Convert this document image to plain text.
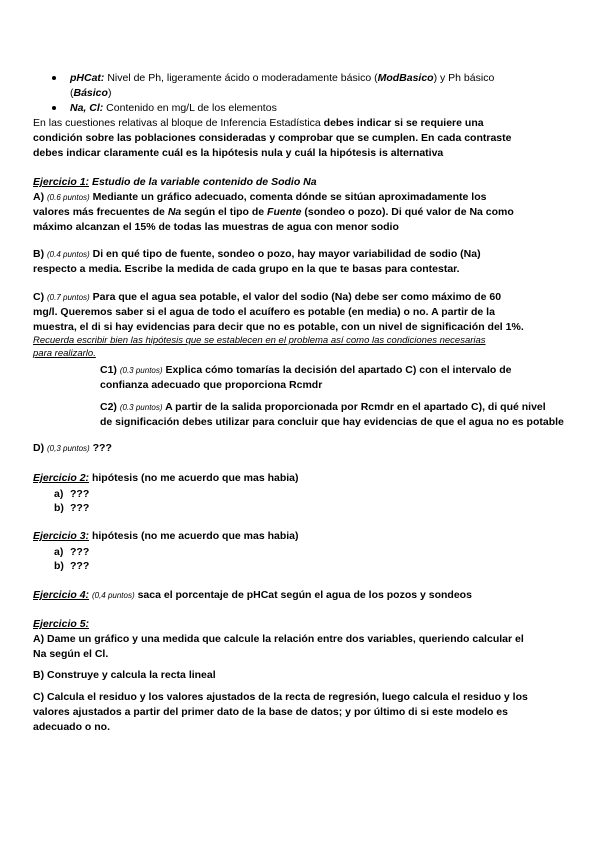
pHCat: Nivel de Ph, ligeramente ácido o moderadamente básico (ModBasico) y Ph básico
(Básico)
Na, Cl: Contenido en mg/L de los elementos
En las cuestiones relativas al bloque de Inferencia Estadística debes indicar si se requiere una
condición sobre las poblaciones consideradas y comprobar que se cumplen. En cada contraste
debes indicar claramente cuál es la hipótesis nula y cuál la hipótesis is alternativa
Ejercicio 1: Estudio de la variable contenido de Sodio Na
A) (0.6 puntos) Mediante un gráfico adecuado, comenta dónde se sitúan aproximadamente los
valores más frecuentes de Na según el tipo de Fuente (sondeo o pozo). Di qué valor de Na como
máximo alcanzan el 15% de todas las muestras de agua con menor sodio
B) (0.4 puntos) Di en qué tipo de fuente, sondeo o pozo, hay mayor variabilidad de sodio (Na)
respecto a media. Escribe la medida de cada grupo en la que te basas para contestar.
C) (0.7 puntos) Para que el agua sea potable, el valor del sodio (Na) debe ser como máximo de 60
mg/l. Queremos saber si el agua de todo el acuífero es potable (en media) o no. A partir de la
muestra, el di si hay evidencias para decir que no es potable, con un nivel de significación del 1%.
Recuerda escribir bien las hipótesis que se establecen en el problema así como las condiciones necesarias
para realizarlo.
C1) (0.3 puntos) Explica cómo tomarías la decisión del apartado C) con el intervalo de
confianza adecuado que proporciona Rcmdr
C2) (0.3 puntos) A partir de la salida proporcionada por Rcmdr en el apartado C), di qué nivel
de significación debes utilizar para concluir que hay evidencias de que el agua no es potable
D) (0,3 puntos) ???
Ejercicio 2: hipótesis (no me acuerdo que mas habia)
a) ???
b) ???
Ejercicio 3: hipótesis (no me acuerdo que mas habia)
a) ???
b) ???
Ejercicio 4: (0,4 puntos) saca el porcentaje de pHCat según el agua de los pozos y sondeos
Ejercicio 5:
A) Dame un gráfico y una medida que calcule la relación entre dos variables, queriendo calcular el
Na según el Cl.
B) Construye y calcula la recta lineal
C) Calcula el residuo y los valores ajustados de la recta de regresión, luego calcula el residuo y los
valores ajustados a partir del primer dato de la base de datos; y por último di si este modelo es
adecuado o no.
